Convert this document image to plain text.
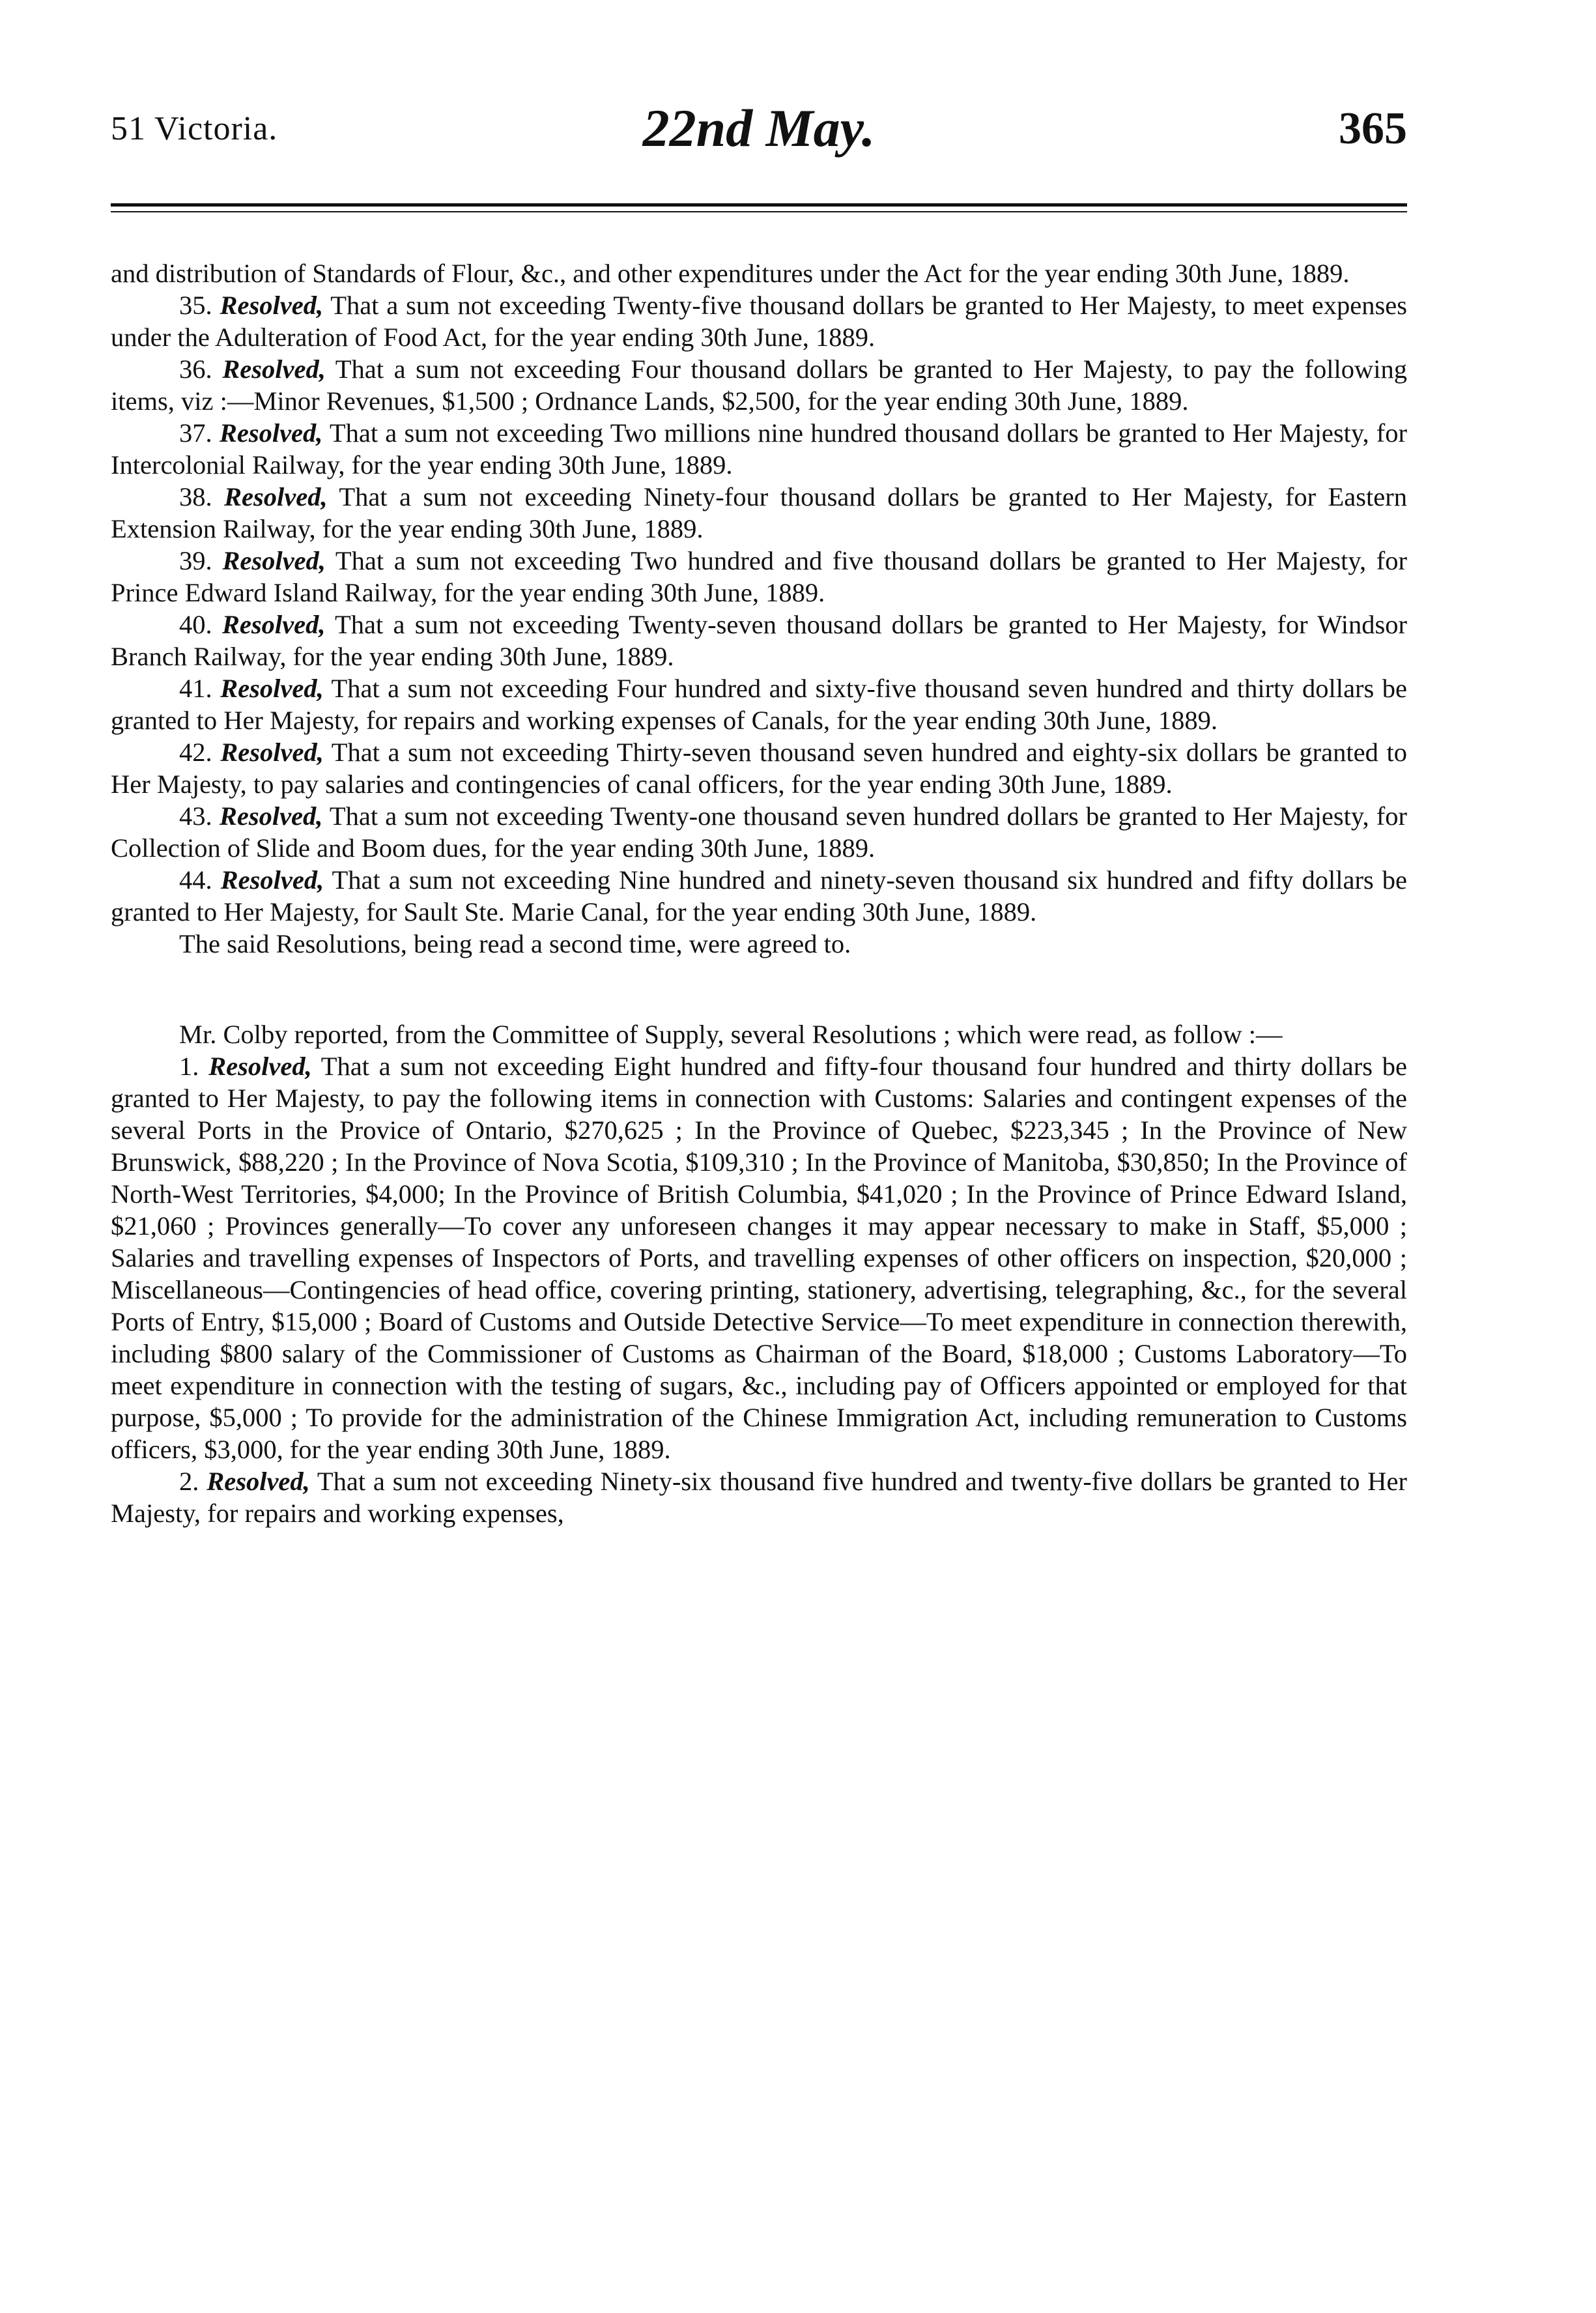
51 Victoria.	22nd May.	365

and distribution of Standards of Flour, &c., and other expenditures under the Act for the year ending 30th June, 1889.

35. Resolved, That a sum not exceeding Twenty-five thousand dollars be granted to Her Majesty, to meet expenses under the Adulteration of Food Act, for the year ending 30th June, 1889.

36. Resolved, That a sum not exceeding Four thousand dollars be granted to Her Majesty, to pay the following items, viz :—Minor Revenues, $1,500 ; Ordnance Lands, $2,500, for the year ending 30th June, 1889.

37. Resolved, That a sum not exceeding Two millions nine hundred thousand dollars be granted to Her Majesty, for Intercolonial Railway, for the year ending 30th June, 1889.

38. Resolved, That a sum not exceeding Ninety-four thousand dollars be granted to Her Majesty, for Eastern Extension Railway, for the year ending 30th June, 1889.

39. Resolved, That a sum not exceeding Two hundred and five thousand dollars be granted to Her Majesty, for Prince Edward Island Railway, for the year ending 30th June, 1889.

40. Resolved, That a sum not exceeding Twenty-seven thousand dollars be granted to Her Majesty, for Windsor Branch Railway, for the year ending 30th June, 1889.

41. Resolved, That a sum not exceeding Four hundred and sixty-five thousand seven hundred and thirty dollars be granted to Her Majesty, for repairs and working expenses of Canals, for the year ending 30th June, 1889.

42. Resolved, That a sum not exceeding Thirty-seven thousand seven hundred and eighty-six dollars be granted to Her Majesty, to pay salaries and contingencies of canal officers, for the year ending 30th June, 1889.

43. Resolved, That a sum not exceeding Twenty-one thousand seven hundred dollars be granted to Her Majesty, for Collection of Slide and Boom dues, for the year ending 30th June, 1889.

44. Resolved, That a sum not exceeding Nine hundred and ninety-seven thousand six hundred and fifty dollars be granted to Her Majesty, for Sault Ste. Marie Canal, for the year ending 30th June, 1889.

The said Resolutions, being read a second time, were agreed to.

Mr. Colby reported, from the Committee of Supply, several Resolutions ; which were read, as follow :—

1. Resolved, That a sum not exceeding Eight hundred and fifty-four thousand four hundred and thirty dollars be granted to Her Majesty, to pay the following items in connection with Customs: Salaries and contingent expenses of the several Ports in the Provice of Ontario, $270,625 ; In the Province of Quebec, $223,345 ; In the Province of New Brunswick, $88,220 ; In the Province of Nova Scotia, $109,310 ; In the Province of Manitoba, $30,850; In the Province of North-West Territories, $4,000; In the Province of British Columbia, $41,020 ; In the Province of Prince Edward Island, $21,060 ; Provinces generally—To cover any unforeseen changes it may appear necessary to make in Staff, $5,000 ; Salaries and travelling expenses of Inspectors of Ports, and travelling expenses of other officers on inspection, $20,000 ; Miscellaneous—Contingencies of head office, covering printing, stationery, advertising, telegraphing, &c., for the several Ports of Entry, $15,000 ; Board of Customs and Outside Detective Service—To meet expenditure in connection therewith, including $800 salary of the Commissioner of Customs as Chairman of the Board, $18,000 ; Customs Laboratory—To meet expenditure in connection with the testing of sugars, &c., including pay of Officers appointed or employed for that purpose, $5,000 ; To provide for the administration of the Chinese Immigration Act, including remuneration to Customs officers, $3,000, for the year ending 30th June, 1889.

2. Resolved, That a sum not exceeding Ninety-six thousand five hundred and twenty-five dollars be granted to Her Majesty, for repairs and working expenses,
